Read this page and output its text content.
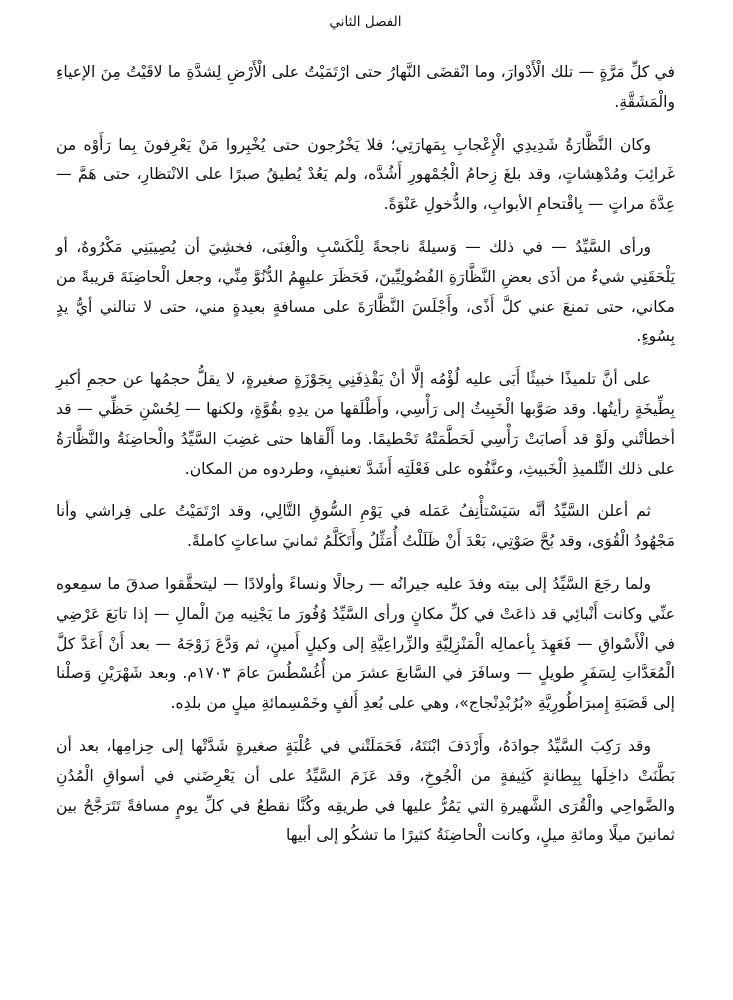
الفصل الثاني

في كلِّ مَرَّةٍ — تلك الْأَدْوارَ، وما انْقضَى النَّهارُ حتى ارْتَمَيْتُ على الْأَرْضِ لِشدَّةِ ما لاقَيْتُ مِنَ الإعياءِ والْمَشَقَّةِ.

وكان النَّظَّارَةُ شَدِيدِي الْإِعْجابِ بِمَهارَتِي؛ فلا يَخْرُجون حتى يُخْبِروا مَنْ يَعْرِفونَ بِما رَأَوْه من غَرائِبَ ومُدْهِشاتٍ، وقد بلغَ زِحامُ الْجُمْهورِ أَشُدَّه، ولم يَعُدْ يُطيقُ صبرًا على الانْتظارِ، حتى هَمَّ — عِدَّةَ مراتٍ — بِاقْتحامِ الأبوابِ، والدُّخولِ عَنْوَةً.

ورأى السَّيِّدُ — في ذلك — وَسيلةً ناجحةً لِلْكَسْبِ والْغِنَى، فخشِيَ أن يُصِيبَنِي مَكْرُوهٌ، أو يَلْحَقَنِي شيءٌ من أذَى بعضِ النَّظَّارَةِ الفُضُولِيِّينَ، فَحَظَرَ عليهِمُ الدُّنُوَّ مِنِّي، وجعل الْحاضِنَةَ قريبةً من مكاني، حتى تمنعَ عني كلَّ أَذًى، وأَجْلَسَ النَّظَّارَةَ على مسافةٍ بعيدةٍ مني، حتى لا تنالني أيُّ يدٍ بِسُوءٍ.

على أنَّ تلميذًا خبيثًا أَبَى عليه لُؤْمُه إلَّا أنْ يَقْذِفَنِي بِجَوْزَةٍ صغيرةٍ، لا يقلُّ حجمُها عن حجمِ أكبرِ بِطِّيخَةٍ رأيتُها. وقد صَوَّبها الْخَبِيثُ إلى رَأْسِي، وأَطْلَقها من يدِهِ بقُوَّةٍ، ولكنها — لِحُسْنِ حَظِّي — قد أخطأتْني ولَوْ قد أَصابَتْ رَأْسِي لَحَطَّمَتْهُ تَحْطيمًا. وما أَلْقاها حتى غضِبَ السَّيِّدُ والْحاضِنَةُ والنَّظَّارَةُ على ذلك التِّلميذِ الْخَبيثِ، وعنَّفُوه على فَعْلَتِه أَشَدَّ تعنيفٍ، وطردوه من المكان.

ثم أعلن السَّيِّدُ أنَّه سَيَسْتأْنِفُ عَمَله في يَوْمِ السُّوقِ التَّالِي، وقد ارْتَمَيْتُ على فِراشي وأنا مَجْهُودُ الْقُوَى، وقد بُحَّ صَوْتِي، بَعْدَ أَنْ ظَلَلْتُ أُمَثِّلُ وأَتَكَلَّمُ ثمانيَ ساعاتٍ كاملةً.

ولما رجَعَ السَّيِّدُ إلى بيته وفدَ عليه جيرانُه — رجالًا ونساءً وأولادًا — ليتحقَّقوا صدقَ ما سمِعوه عنِّي وكانت أَنْبائِي قد ذاعَتْ في كلِّ مكانٍ ورأى السَّيِّدُ وُفُورَ ما يَجْنِيه مِنَ الْمالِ — إذا تابَعَ عَرْضِي في الْأَسْواقِ — فَعَهِدَ بِأعمالِه الْمَنْزِلِيَّةِ والزِّراعِيَّةِ إلى وكيلٍ أَمينٍ، ثم وَدَّعَ زَوْجَهُ — بعد أَنْ أَعَدَّ كلَّ الْمُعَدَّاتِ لِسَفَرٍ طويلٍ — وسافَرَ في السَّابعَ عشرَ من أُغُسْطُسَ عامَ ١٧٠٣م. وبعد شَهْرَيْنِ وَصلْنا إلى قَصَبَةِ إِمبرَاطُورِيَّةِ «بُرُبْدِنْجاج»، وهي على بُعدِ أَلفٍ وخَمْسِمائةِ ميلٍ من بلدِه.

وقد رَكِبَ السَّيِّدُ جوادَهُ، وأَرْدَفَ ابْنَتَهُ، فَحَمَلَتْني في عُلْبَةٍ صغيرةٍ شَدَّتْها إلى حِزامِها، بعد أن بَطَّنَتْ داخِلَها بِبِطانةٍ كَثِيفةٍ من الْجُوخِ، وقد عَزَمَ السَّيِّدُ على أن يَعْرِضَني في أسواقِ الْمُدُنِ والضَّواحِي والْقُرَى الشَّهيرةِ التي يَمُرُّ عليها في طريقِه وكُنَّا نقطعُ في كلِّ يومٍ مسافةً تَتَرَجَّحُ بين ثمانينَ ميلًا ومائةِ ميلٍ، وكانت الْحاضِنَةُ كثيرًا ما تشكُو إلى أبيها
